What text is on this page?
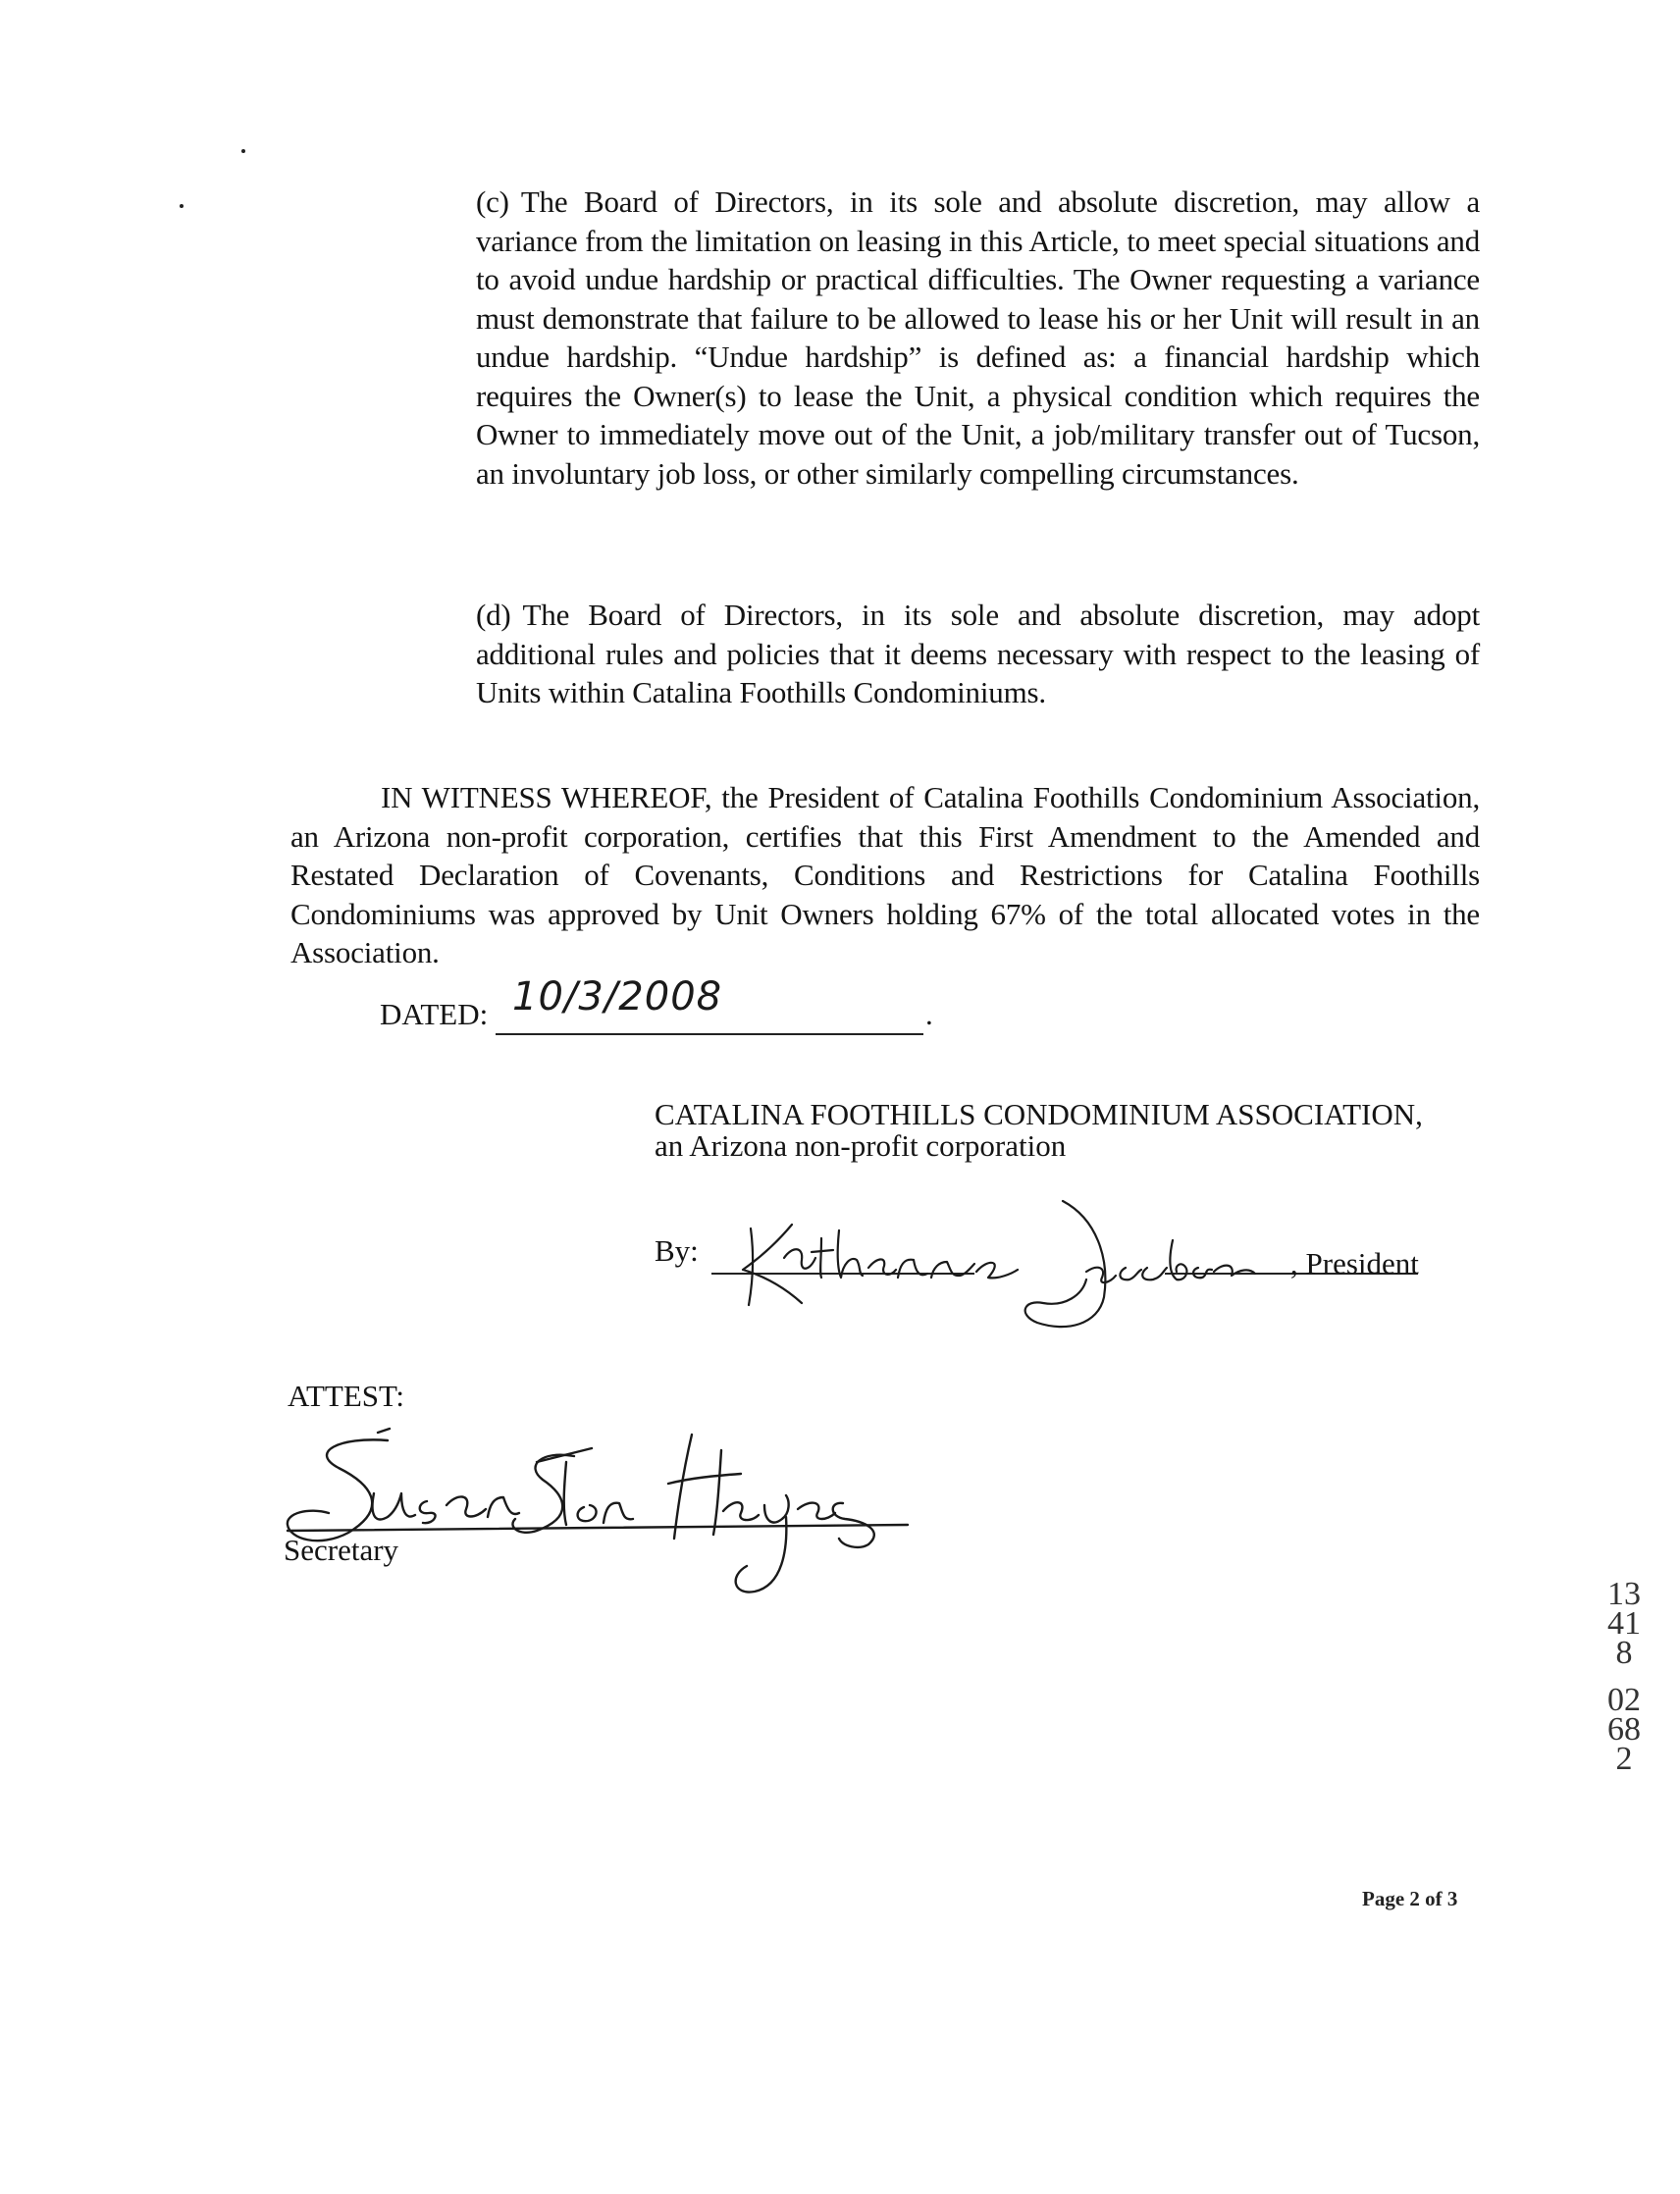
(c) The Board of Directors, in its sole and absolute discretion, may allow a variance from the limitation on leasing in this Article, to meet special situations and to avoid undue hardship or practical difficulties. The Owner requesting a variance must demonstrate that failure to be allowed to lease his or her Unit will result in an undue hardship. “Undue hardship” is defined as: a financial hardship which requires the Owner(s) to lease the Unit, a physical condition which requires the Owner to immediately move out of the Unit, a job/military transfer out of Tucson, an involuntary job loss, or other similarly compelling circumstances.

(d) The Board of Directors, in its sole and absolute discretion, may adopt additional rules and policies that it deems necessary with respect to the leasing of Units within Catalina Foothills Condominiums.

IN WITNESS WHEREOF, the President of Catalina Foothills Condominium Association, an Arizona non-profit corporation, certifies that this First Amendment to the Amended and Restated Declaration of Covenants, Conditions and Restrictions for Catalina Foothills Condominiums was approved by Unit Owners holding 67% of the total allocated votes in the Association.

DATED: 10/3/2008	.
CATALINA FOOTHILLS CONDOMINIUM ASSOCIATION,
an Arizona non-profit corporation
By:	, President
ATTEST:
Secretary
13418
02682
Page 2 of 3
